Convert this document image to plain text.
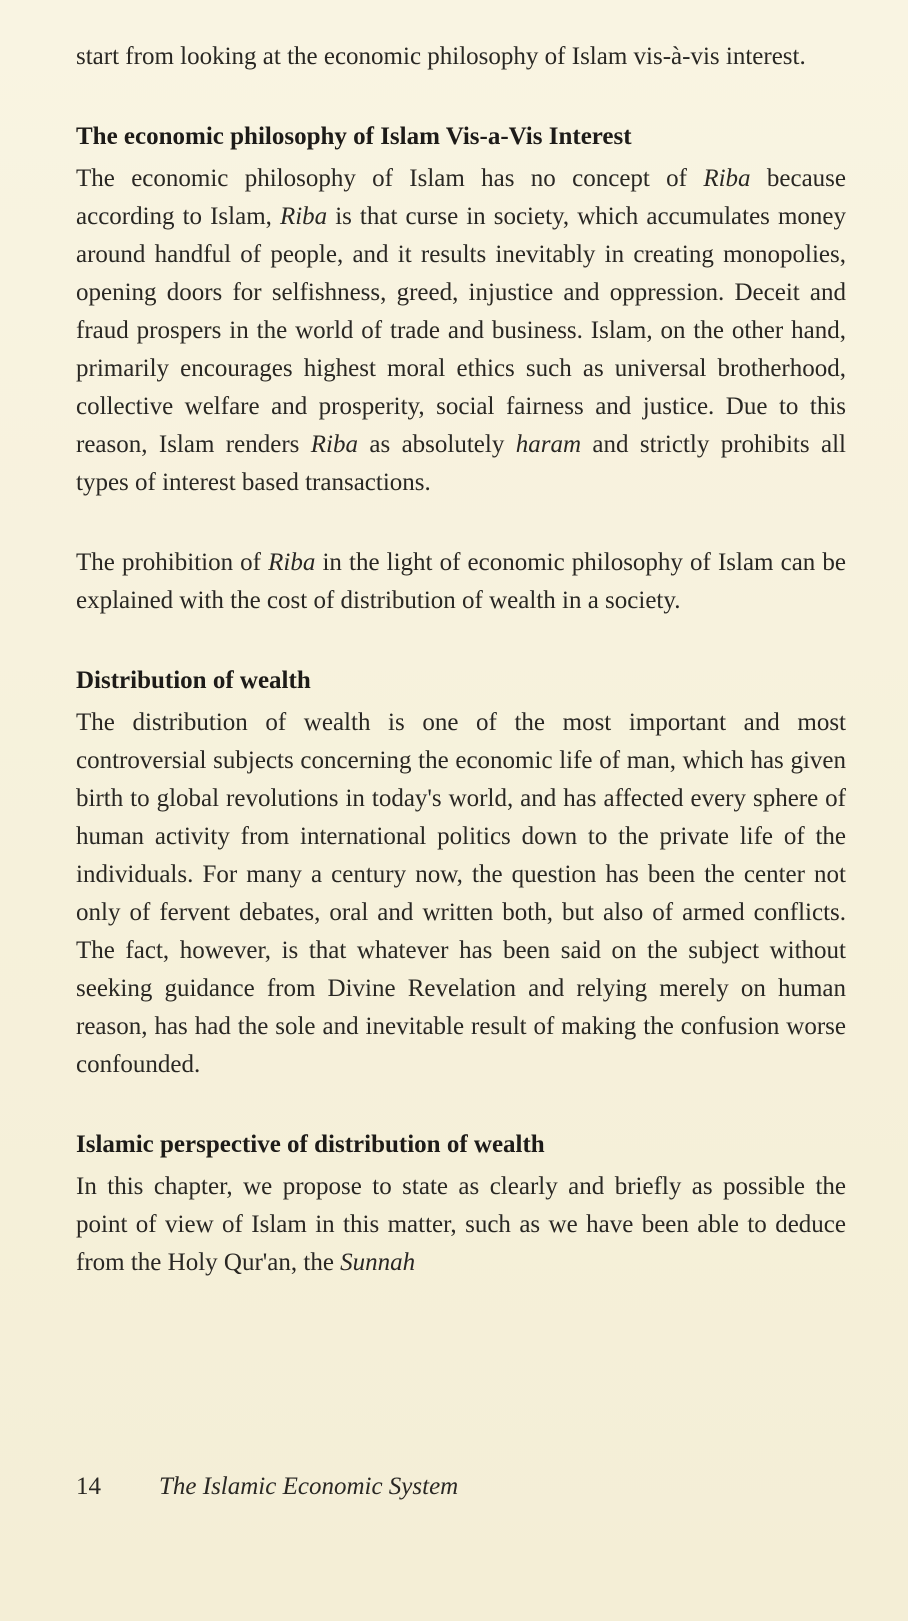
start from looking at the economic philosophy of Islam vis-à-vis interest.

The economic philosophy of Islam Vis-a-Vis Interest

The economic philosophy of Islam has no concept of Riba because according to Islam, Riba is that curse in society, which accumulates money around handful of people, and it results inevitably in creating monopolies, opening doors for selfishness, greed, injustice and oppression. Deceit and fraud prospers in the world of trade and business. Islam, on the other hand, primarily encourages highest moral ethics such as universal brotherhood, collective welfare and prosperity, social fairness and justice. Due to this reason, Islam renders Riba as absolutely haram and strictly prohibits all types of interest based transactions.

The prohibition of Riba in the light of economic philosophy of Islam can be explained with the cost of distribution of wealth in a society.

Distribution of wealth

The distribution of wealth is one of the most important and most controversial subjects concerning the economic life of man, which has given birth to global revolutions in today's world, and has affected every sphere of human activity from international politics down to the private life of the individuals. For many a century now, the question has been the center not only of fervent debates, oral and written both, but also of armed conflicts. The fact, however, is that whatever has been said on the subject without seeking guidance from Divine Revelation and relying merely on human reason, has had the sole and inevitable result of making the confusion worse confounded.

Islamic perspective of distribution of wealth

In this chapter, we propose to state as clearly and briefly as possible the point of view of Islam in this matter, such as we have been able to deduce from the Holy Qur'an, the Sunnah

14 The Islamic Economic System
